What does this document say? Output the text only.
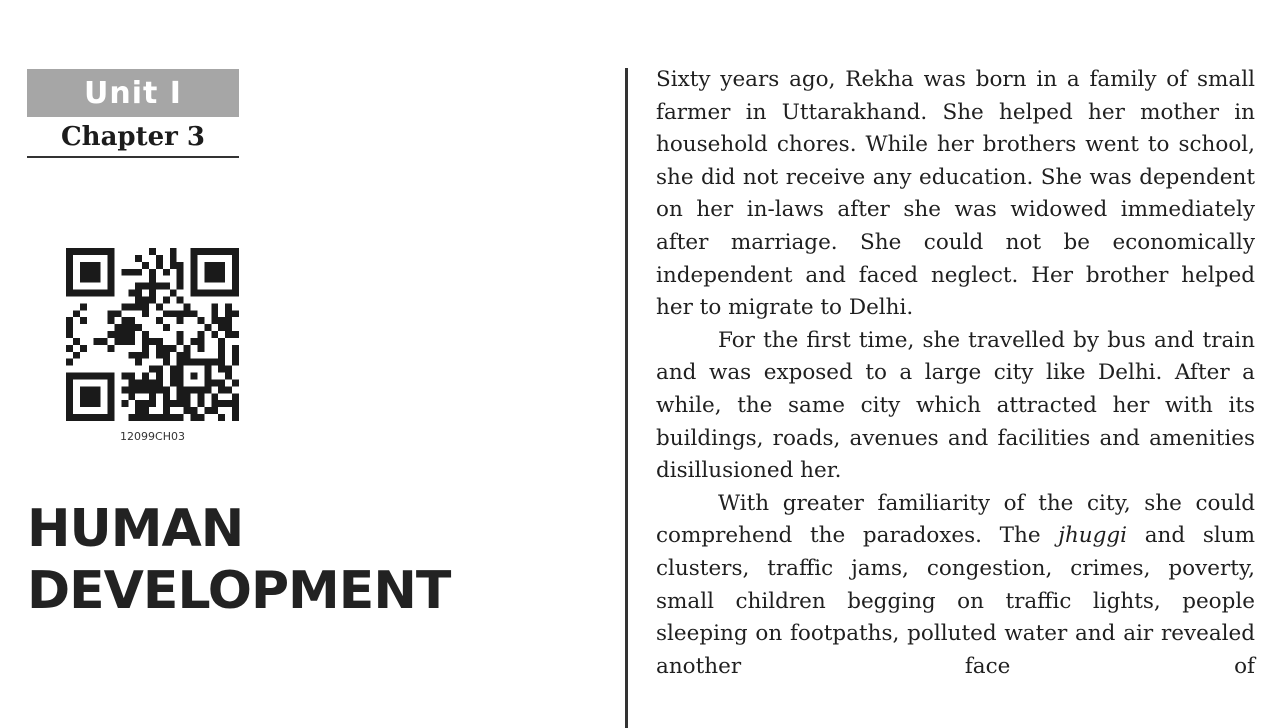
Unit I
Chapter 3
12099CH03
HUMAN
DEVELOPMENT

Sixty years ago, Rekha was born in a family of small farmer in Uttarakhand. She helped her mother in household chores. While her brothers went to school, she did not receive any education. She was dependent on her in-laws after she was widowed immediately after marriage. She could not be economically independent and faced neglect. Her brother helped her to migrate to Delhi.

For the first time, she travelled by bus and train and was exposed to a large city like Delhi. After a while, the same city which attracted her with its buildings, roads, avenues and facilities and amenities disillusioned her.

With greater familiarity of the city, she could comprehend the paradoxes. The jhuggi and slum clusters, traffic jams, congestion, crimes, poverty, small children begging on traffic lights, people sleeping on footpaths, polluted water and air revealed another face of
